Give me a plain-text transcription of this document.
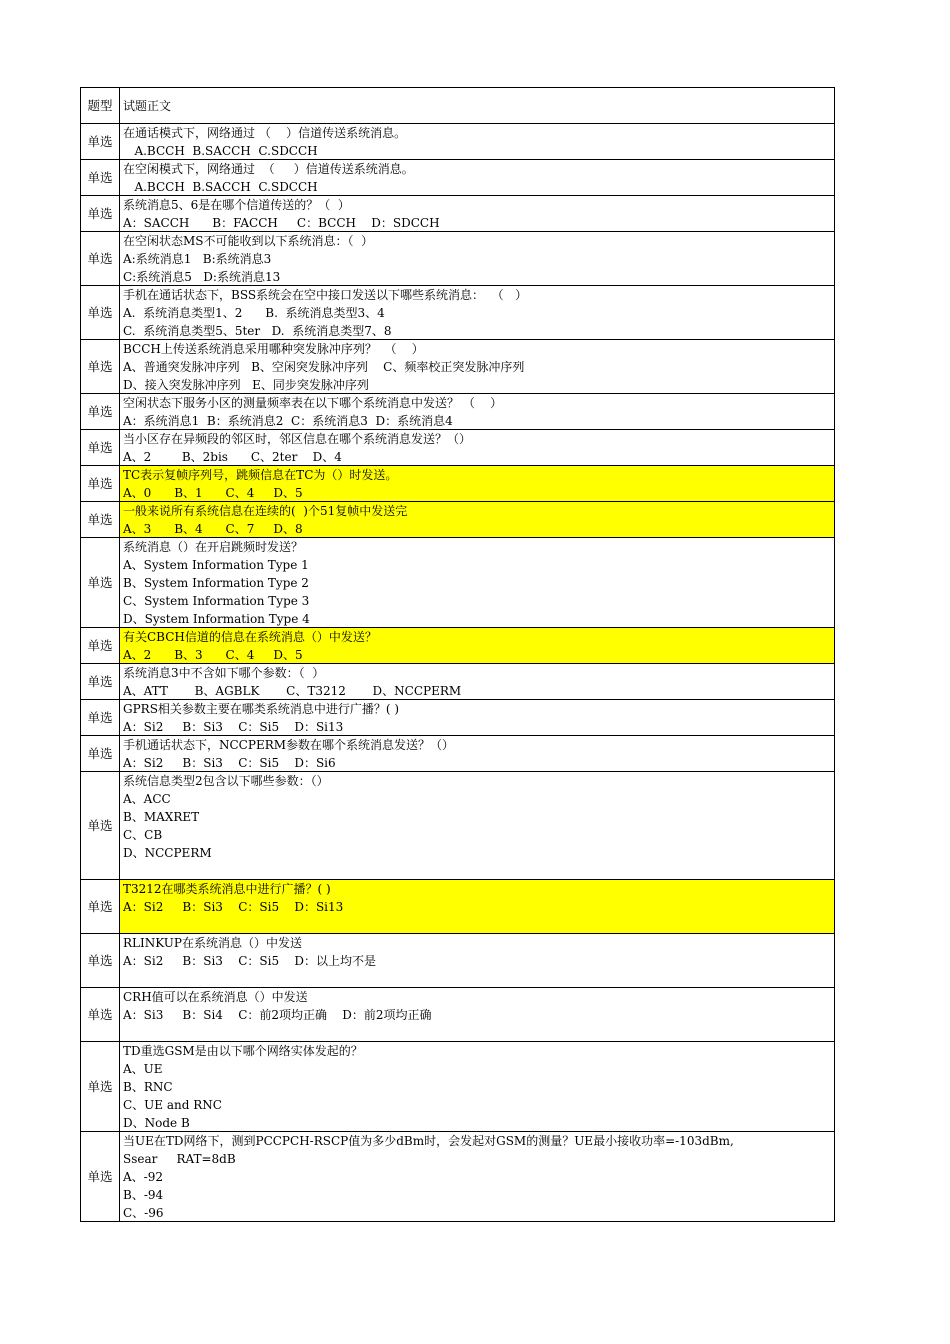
题型	试题正文
单选	在通话模式下，网络通过 （    ）信道传送系统消息。
A.BCCH  B.SACCH  C.SDCCH

单选	在空闲模式下，网络通过  （     ）信道传送系统消息。
A.BCCH  B.SACCH  C.SDCCH

单选	系统消息5、6是在哪个信道传送的？（  ）
A：SACCH      B：FACCH     C：BCCH    D：SDCCH

单选	在空闲状态MS不可能收到以下系统消息：（  ）
A:系统消息1   B:系统消息3
C:系统消息5   D:系统消息13

单选	手机在通话状态下，BSS系统会在空中接口发送以下哪些系统消息：  （   ）
A.  系统消息类型1、2      B.  系统消息类型3、4
C.  系统消息类型5、5ter   D.  系统消息类型7、8

单选	BCCH上传送系统消息采用哪种突发脉冲序列？  （    ）
A、普通突发脉冲序列   B、空闲突发脉冲序列    C、频率校正突发脉冲序列
D、接入突发脉冲序列   E、同步突发脉冲序列

单选	空闲状态下服务小区的测量频率表在以下哪个系统消息中发送？ （    ）
A：系统消息1  B：系统消息2  C：系统消息3  D：系统消息4

单选	当小区存在异频段的邻区时，邻区信息在哪个系统消息发送？（）
A、2        B、2bis      C、2ter    D、4

单选	TC表示复帧序列号，跳频信息在TC为（）时发送。
A、0      B、1      C、4     D、5

单选	一般来说所有系统信息在连续的(  )个51复帧中发送完
A、3      B、4      C、7     D、8

单选	系统消息（）在开启跳频时发送？
A、System Information Type 1
B、System Information Type 2
C、System Information Type 3
D、System Information Type 4

单选	有关CBCH信道的信息在系统消息（）中发送？
A、2      B、3      C、4     D、5

单选	系统消息3中不含如下哪个参数：（  ）
A、ATT       B、AGBLK       C、T3212       D、NCCPERM

单选	GPRS相关参数主要在哪类系统消息中进行广播？( )
A：Si2     B：Si3    C：Si5    D：Si13

单选	手机通话状态下，NCCPERM参数在哪个系统消息发送？（）
A：Si2     B：Si3    C：Si5    D：Si6

单选	系统信息类型2包含以下哪些参数：（）
A、ACC
B、MAXRET
C、CB
D、NCCPERM

单选	T3212在哪类系统消息中进行广播？( )
A：Si2     B：Si3    C：Si5    D：Si13

单选	RLINKUP在系统消息（）中发送
A：Si2     B：Si3    C：Si5    D：以上均不是

单选	CRH值可以在系统消息（）中发送
A：Si3     B：Si4    C：前2项均正确    D：前2项均正确

单选	TD重选GSM是由以下哪个网络实体发起的？
A、UE
B、RNC
C、UE and RNC
D、Node B

单选	当UE在TD网络下，测到PCCPCH-RSCP值为多少dBm时，会发起对GSM的测量？UE最小接收功率=-103dBm,
Ssear     RAT=8dB
A、-92
B、-94
C、-96
